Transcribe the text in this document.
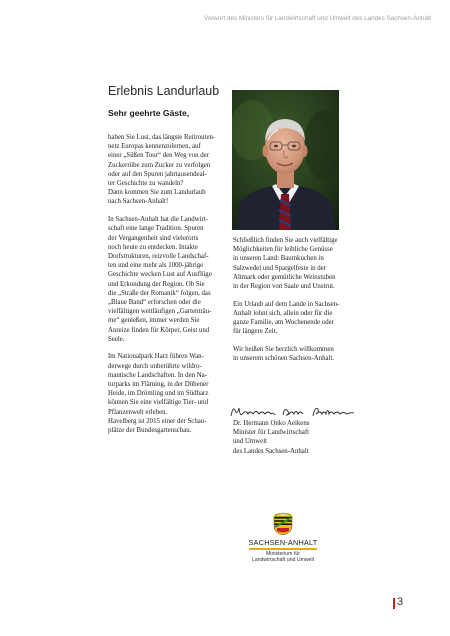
Vorwort des Ministers für Landwirtschaft und Umwelt des Landes Sachsen-Anhalt
Erlebnis Landurlaub
Sehr geehrte Gäste,

haben Sie Lust, das längste Reitrouten-
netz Europas kennenzulernen, auf
einer „Süßen Tour“ den Weg von der
Zuckerrübe zum Zucker zu verfolgen
oder auf den Spuren jahrtausendeal-
ter Geschichte zu wandeln?
Dann kommen Sie zum Landurlaub
nach Sachsen-Anhalt!

In Sachsen-Anhalt hat die Landwirt-
schaft eine lange Tradition. Spuren
der Vergangenheit sind vielerorts
noch heute zu entdecken. Intakte
Dorfstrukturen, reizvolle Landschaf-
ten und eine mehr als 1000-jährige
Geschichte wecken Lust auf Ausflüge
und Erkundung der Region. Ob Sie
die „Straße der Romanik“ folgen, das
„Blaue Band“ erforschen oder die
vielfältigen weitläufigen „Gartenträu-
me“ genießen, immer werden Sie
Anreize finden für Körper, Geist und
Seele.

Im Nationalpark Harz führen Wan-
derwege durch unberührte wildro-
mantische Landschaften. In den Na-
turparks im Fläming, in der Dübener
Heide, im Drömling und im Südharz
können Sie eine vielfältige Tier- und
Pflanzenwelt erleben.
Havelberg ist 2015 einer der Schau-
plätze der Bundesgartenschau.

Schließlich finden Sie auch vielfältige
Möglichkeiten für leibliche Genüsse
in unseren Land: Baumkuchen in
Salzwedel und Spargelfeste in der
Altmark oder gemütliche Weinstuben
in der Region von Saale und Unstrut.

Ein Urlaub auf dem Lande in Sachsen-
Anhalt lohnt sich, allein oder für die
ganze Familie, am Wochenende oder
für längere Zeit.

Wir heißen Sie herzlich willkommen
in unserem schönen Sachsen-Anhalt.

Dr. Hermann Onko Aeikens
Minister für Landwirtschaft
und Umwelt
des Landes Sachsen-Anhalt
SACHSEN-ANHALT
Ministerium für
Landwirtschaft und Umwelt
3
